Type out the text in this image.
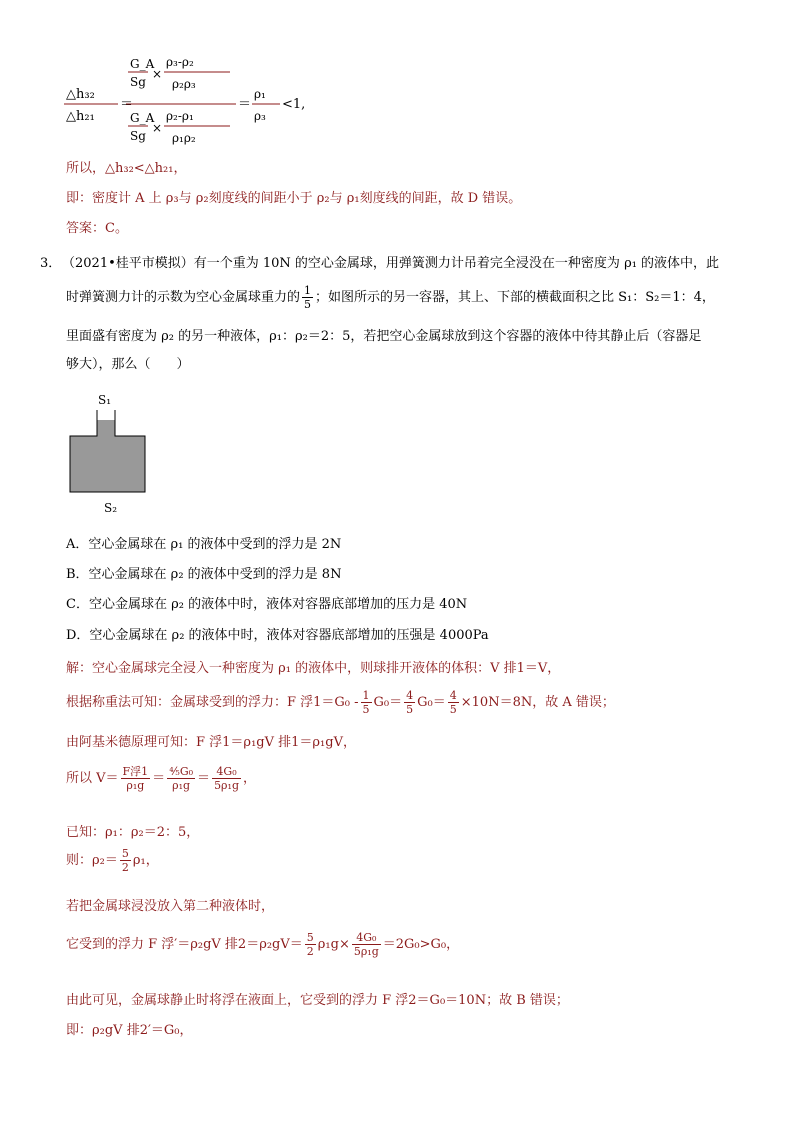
△h₃₂
△h₂₁
＝
G_A
Sg
×
ρ₃-ρ₂
ρ₂ρ₃
G_A
Sg
×
ρ₂-ρ₁
ρ₁ρ₂
＝
ρ₁
ρ₃
<1,
所以，△h₃₂<△h₂₁，
即：密度计 A 上 ρ₃与 ρ₂刻度线的间距小于 ρ₂与 ρ₁刻度线的间距，故 D 错误。
答案：C。
3． （2021•桂平市模拟）有一个重为 10N 的空心金属球，用弹簧测力计吊着完全浸没在一种密度为 ρ₁ 的液体中，此
时弹簧测力计的示数为空心金属球重力的 $\frac{1}{5}$ ；如图所示的另一容器，其上、下部的横截面积之比 S₁：S₂＝1：4，
里面盛有密度为 ρ₂ 的另一种液体，ρ₁：ρ₂＝2：5，若把空心金属球放到这个容器的液体中待其静止后（容器足
够大），那么（　　）
S₁
S₂
A．空心金属球在 ρ₁ 的液体中受到的浮力是 2N
B．空心金属球在 ρ₂ 的液体中受到的浮力是 8N
C．空心金属球在 ρ₂ 的液体中时，液体对容器底部增加的压力是 40N
D．空心金属球在 ρ₂ 的液体中时，液体对容器底部增加的压强是 4000Pa
解：空心金属球完全浸入一种密度为 ρ₁ 的液体中，则球排开液体的体积：V 排1＝V，
根据称重法可知：金属球受到的浮力：F 浮$1=G_0 - \frac{1}{5} G_0= \frac{4}{5} G_0= \frac{4}{5} \times 10N=8N$，故 A 错误；
由阿基米德原理可知：F 浮1＝ρ₁gV 排1＝ρ₁gV，
所以 $V= \frac{\text{F浮1}}{\text{ρ₁g}} = \frac{\text{⁴⁄₅G₀}}{\text{ρ₁g}} = \frac{\text{4G₀}}{\text{5ρ₁g}}$ ，
已知：ρ₁：ρ₂＝2：5，
则：$\rho_2= \frac{5}{2} \rho_1$，
若把金属球浸没放入第二种液体时，
它受到的浮力 F 浮′＝ρ₂gV 排$2=\rho_2gV= \frac{5}{2} \rho_1g\times \frac{\text{4G₀}}{\text{5ρ₁g}} =2G_0>G_0$，
由此可见，金属球静止时将浮在液面上，它受到的浮力 F 浮2＝G₀＝10N；故 B 错误；
即：ρ₂gV 排2′＝G₀，
